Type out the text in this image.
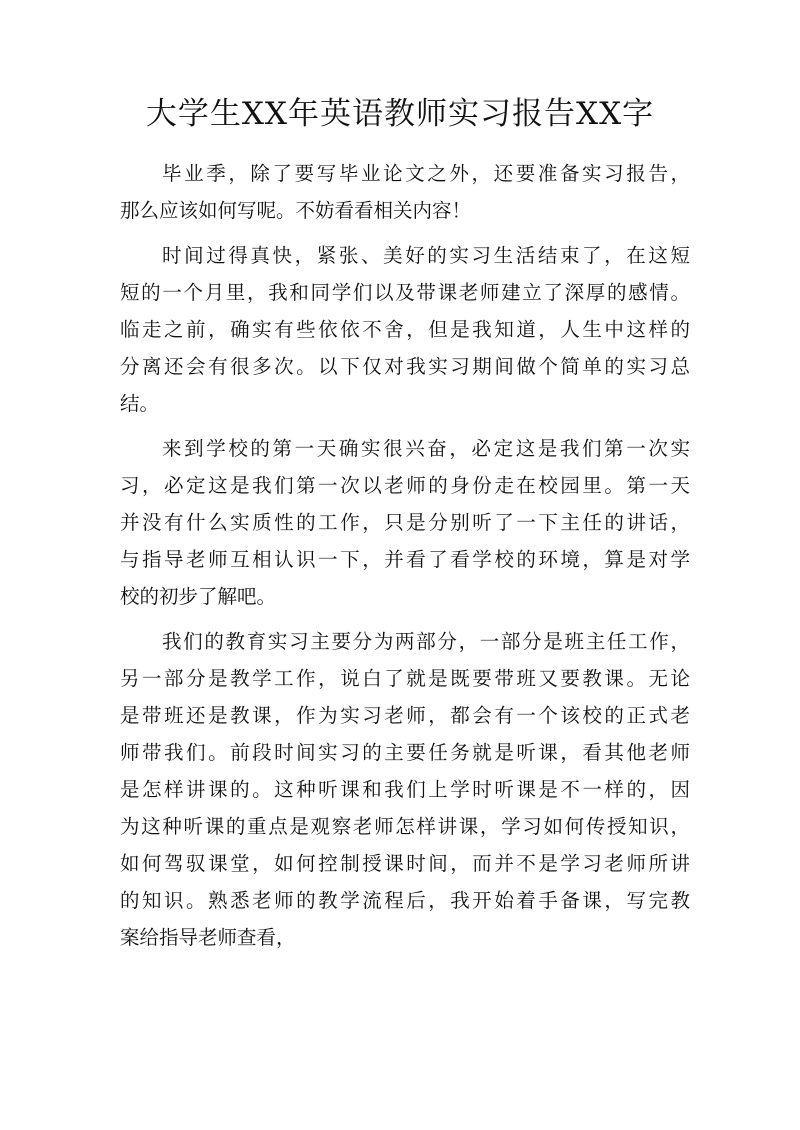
大学生XX年英语教师实习报告XX字
毕业季，除了要写毕业论文之外，还要准备实习报告，
那么应该如何写呢。不妨看看相关内容！
时间过得真快，紧张、美好的实习生活结束了，在这短
短的一个月里，我和同学们以及带课老师建立了深厚的感情。
临走之前，确实有些依依不舍，但是我知道，人生中这样的
分离还会有很多次。以下仅对我实习期间做个简单的实习总
结。
来到学校的第一天确实很兴奋，必定这是我们第一次实
习，必定这是我们第一次以老师的身份走在校园里。第一天
并没有什么实质性的工作，只是分别听了一下主任的讲话，
与指导老师互相认识一下，并看了看学校的环境，算是对学
校的初步了解吧。
我们的教育实习主要分为两部分，一部分是班主任工作，
另一部分是教学工作，说白了就是既要带班又要教课。无论
是带班还是教课，作为实习老师，都会有一个该校的正式老
师带我们。前段时间实习的主要任务就是听课，看其他老师
是怎样讲课的。这种听课和我们上学时听课是不一样的，因
为这种听课的重点是观察老师怎样讲课，学习如何传授知识，
如何驾驭课堂，如何控制授课时间，而并不是学习老师所讲
的知识。熟悉老师的教学流程后，我开始着手备课，写完教
案给指导老师查看，
